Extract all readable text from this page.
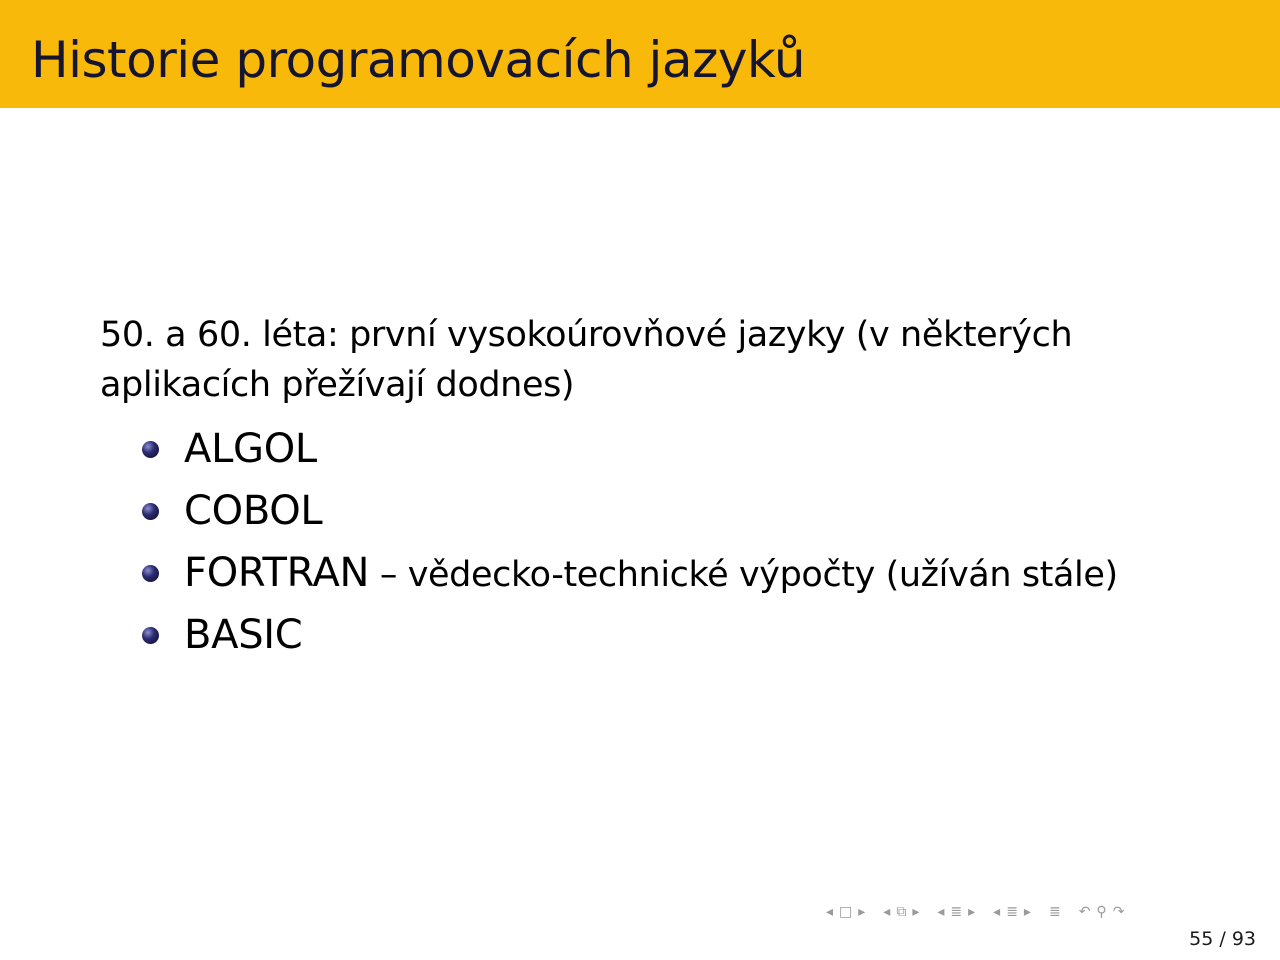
Historie programovacích jazyků

50. a 60. léta: první vysokoúrovňové jazyky (v některých
aplikacích přežívají dodnes)

ALGOL
COBOL
FORTRAN – vědecko-technické výpočty (užíván stále)
BASIC
◂ □ ▸ ◂ ⧉ ▸ ◂ ≣ ▸ ◂ ≣ ▸ ≣ ↶ ⚲ ↷
55 / 93
